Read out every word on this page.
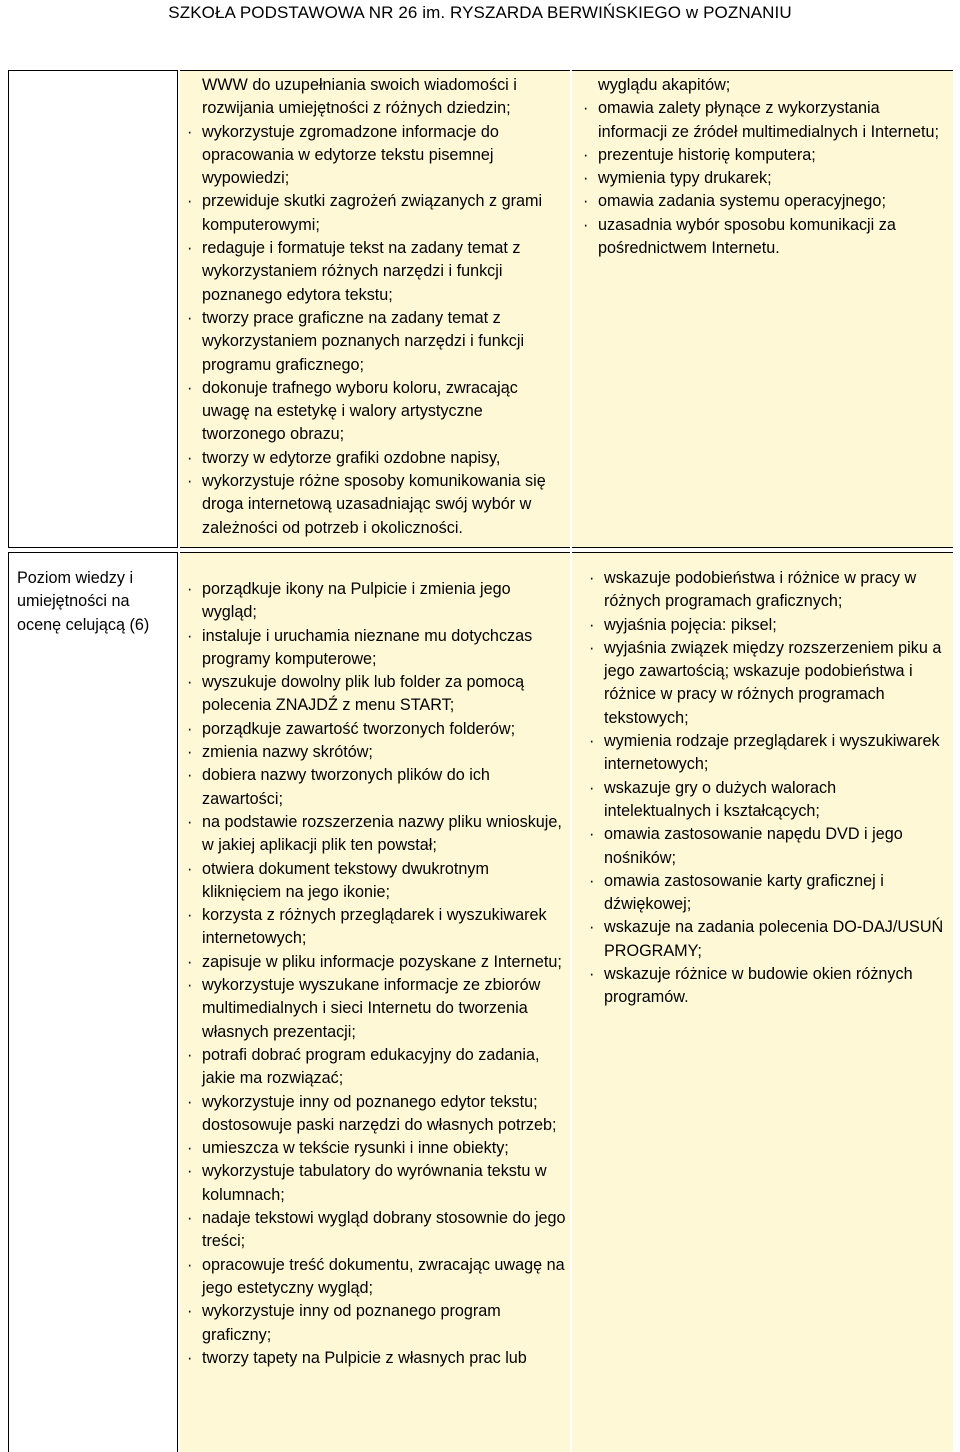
SZKOŁA PODSTAWOWA NR 26 im. RYSZARDA BERWIŃSKIEGO w POZNANIU
WWW do uzupełniania swoich wiadomości i rozwijania umiejętności z różnych dziedzin;
· wykorzystuje zgromadzone informacje do opracowania w edytorze tekstu pisemnej wypowiedzi;
· przewiduje skutki zagrożeń związanych z grami komputerowymi;
· redaguje i formatuje tekst na zadany temat z wykorzystaniem różnych narzędzi i funkcji poznanego edytora tekstu;
· tworzy prace graficzne na zadany temat z wykorzystaniem poznanych narzędzi i funkcji programu graficznego;
· dokonuje trafnego wyboru koloru, zwracając uwagę na estetykę i walory artystyczne tworzonego obrazu;
· tworzy w edytorze grafiki ozdobne napisy,
· wykorzystuje różne sposoby komunikowania się droga internetową uzasadniając swój wybór w zależności od potrzeb i okoliczności.
wyglądu akapitów;
· omawia zalety płynące z wykorzystania informacji ze źródeł multimedialnych i Internetu;
· prezentuje historię komputera;
· wymienia typy drukarek;
· omawia zadania systemu operacyjnego;
· uzasadnia wybór sposobu komunikacji za pośrednictwem Internetu.
Poziom wiedzy i umiejętności na ocenę celującą (6)
· porządkuje ikony na Pulpicie i zmienia jego wygląd;
· instaluje i uruchamia nieznane mu dotychczas programy komputerowe;
· wyszukuje dowolny plik lub folder za pomocą polecenia ZNAJDŹ z menu START;
· porządkuje zawartość tworzonych folderów;
· zmienia nazwy skrótów;
· dobiera nazwy tworzonych plików do ich zawartości;
· na podstawie rozszerzenia nazwy pliku wnioskuje, w jakiej aplikacji plik ten powstał;
· otwiera dokument tekstowy dwukrotnym kliknięciem na jego ikonie;
· korzysta z różnych przeglądarek i wyszukiwarek internetowych;
· zapisuje w pliku informacje pozyskane z Internetu;
· wykorzystuje wyszukane informacje ze zbiorów multimedialnych i sieci Internetu do tworzenia własnych prezentacji;
· potrafi dobrać program edukacyjny do zadania, jakie ma rozwiązać;
· wykorzystuje inny od poznanego edytor tekstu; dostosowuje paski narzędzi do własnych potrzeb;
· umieszcza w tekście rysunki i inne obiekty;
· wykorzystuje tabulatory do wyrównania tekstu w kolumnach;
· nadaje tekstowi wygląd dobrany stosownie do jego treści;
· opracowuje treść dokumentu, zwracając uwagę na jego estetyczny wygląd;
· wykorzystuje inny od poznanego program graficzny;
· tworzy tapety na Pulpicie z własnych prac lub
· wskazuje podobieństwa i różnice w pracy w różnych programach graficznych;
· wyjaśnia pojęcia: piksel;
· wyjaśnia związek między rozszerzeniem piku a jego zawartością; wskazuje podobieństwa i różnice w pracy w różnych programach tekstowych;
· wymienia rodzaje przeglądarek i wyszukiwarek internetowych;
· wskazuje gry o dużych walorach intelektualnych i kształcących;
· omawia zastosowanie napędu DVD i jego nośników;
· omawia zastosowanie karty graficznej i dźwiękowej;
· wskazuje na zadania polecenia DO-DAJ/USUŃ PROGRAMY;
· wskazuje różnice w budowie okien różnych programów.
